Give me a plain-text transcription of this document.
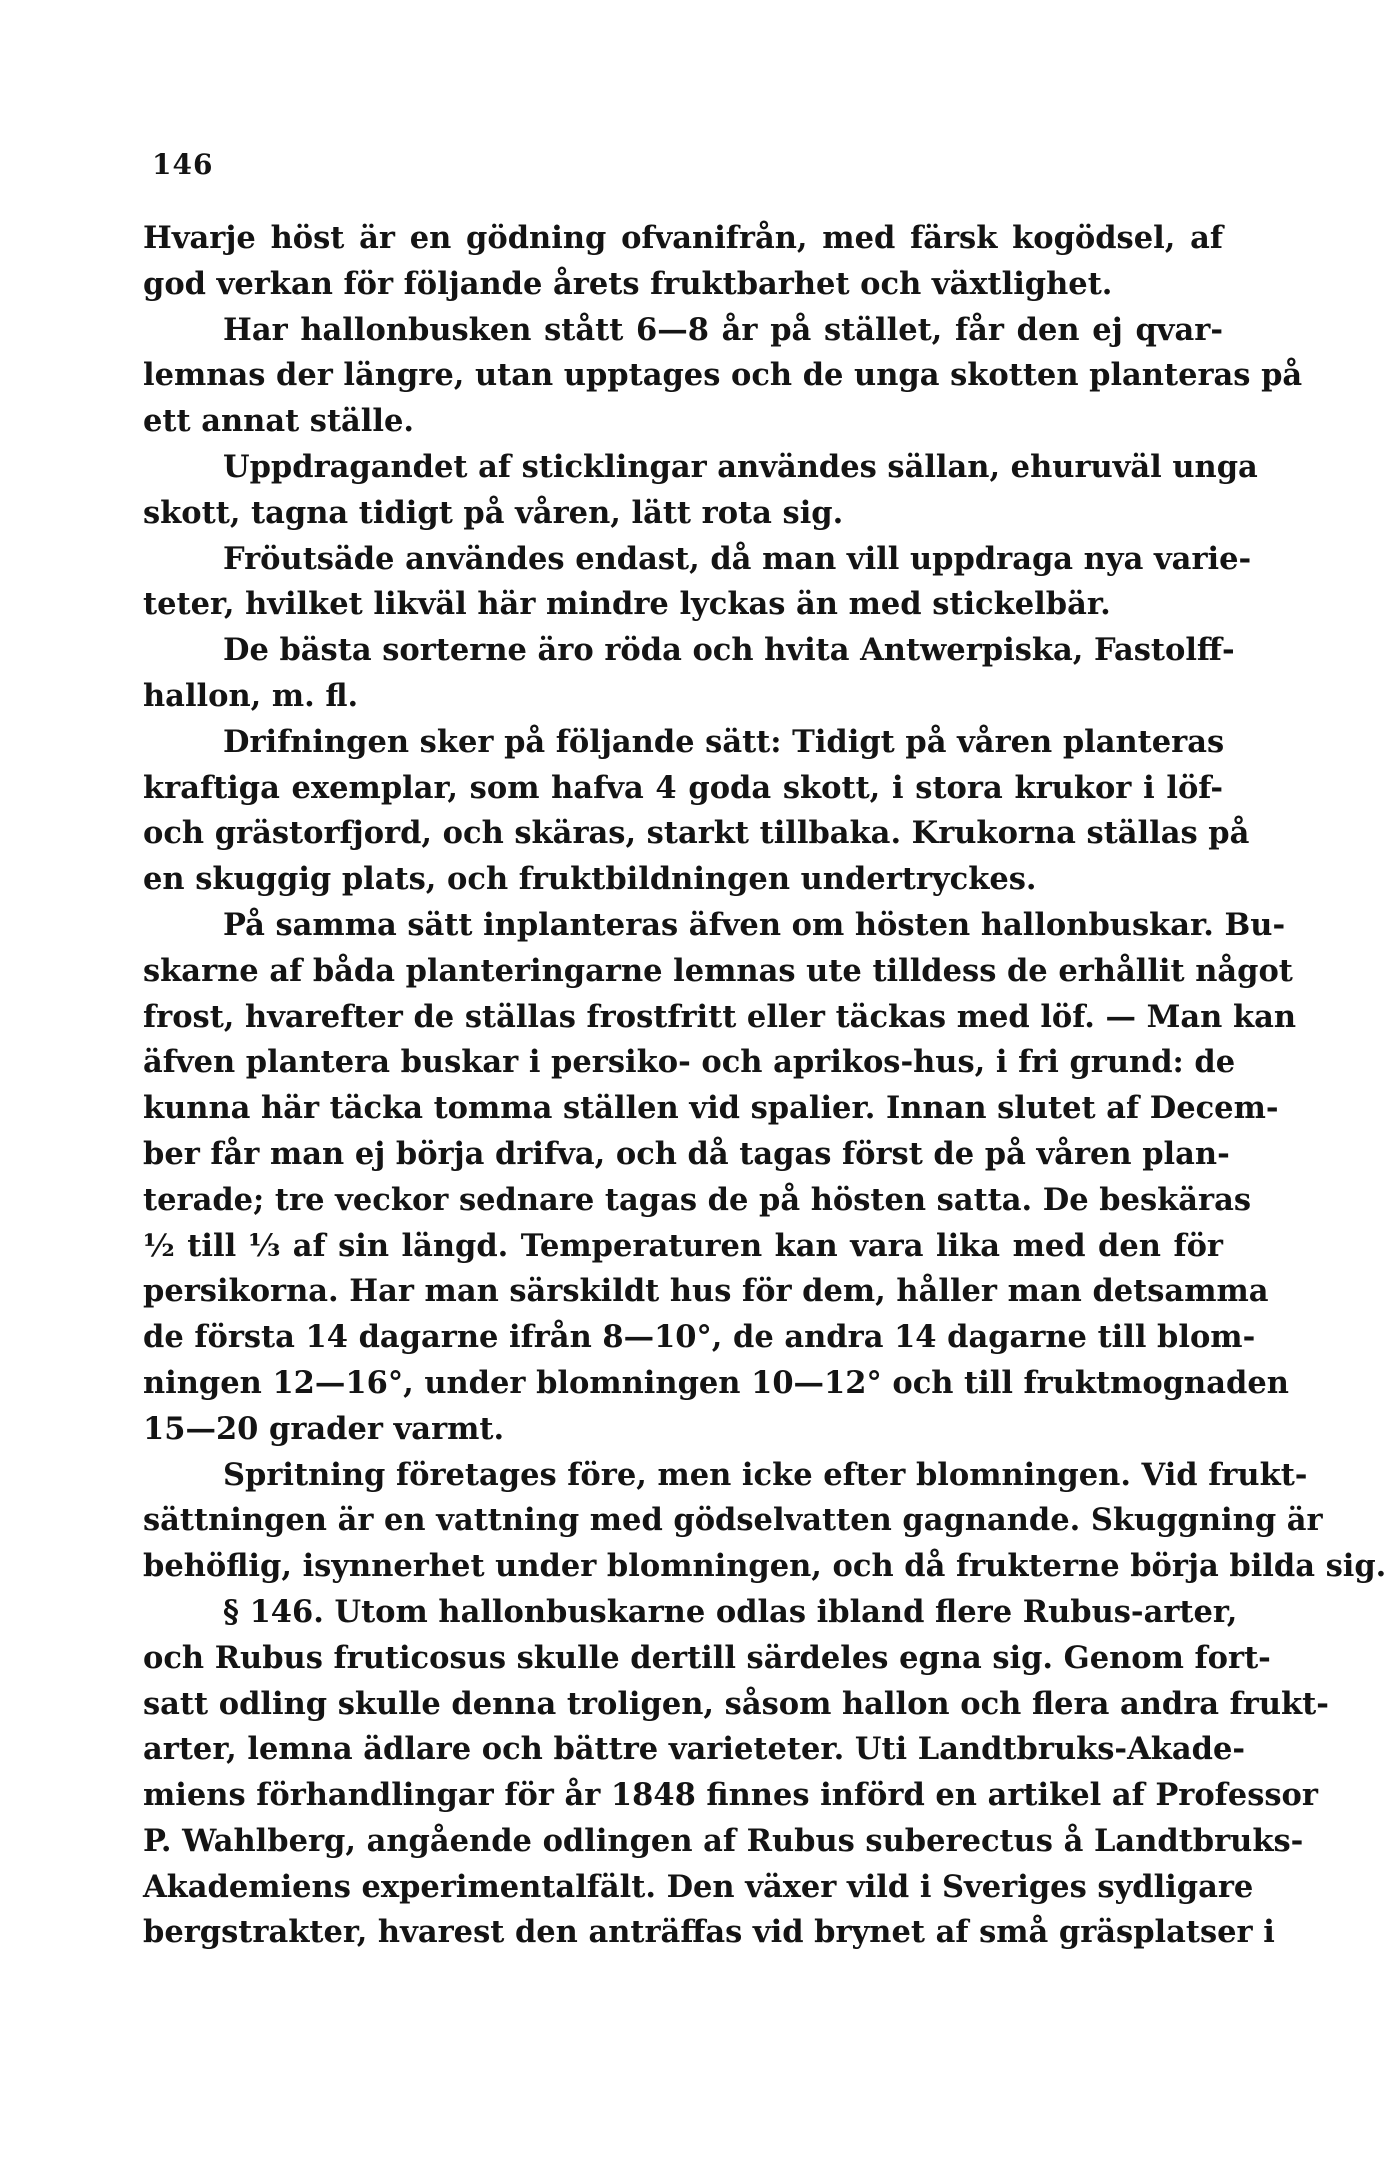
146
Hvarje höst är en gödning ofvanifrån, med färsk kogödsel, af
god verkan för följande årets fruktbarhet och växtlighet.
Har hallonbusken stått 6—8 år på stället, får den ej qvar-
lemnas der längre, utan upptages och de unga skotten planteras på
ett annat ställe.
Uppdragandet af sticklingar användes sällan, ehuruväl unga
skott, tagna tidigt på våren, lätt rota sig.
Fröutsäde användes endast, då man vill uppdraga nya varie-
teter, hvilket likväl här mindre lyckas än med stickelbär.
De bästa sorterne äro röda och hvita Antwerpiska, Fastolff-
hallon, m. fl.
Drifningen sker på följande sätt: Tidigt på våren planteras
kraftiga exemplar, som hafva 4 goda skott, i stora krukor i löf-
och grästorfjord, och skäras, starkt tillbaka. Krukorna ställas på
en skuggig plats, och fruktbildningen undertryckes.
På samma sätt inplanteras äfven om hösten hallonbuskar. Bu-
skarne af båda planteringarne lemnas ute tilldess de erhållit något
frost, hvarefter de ställas frostfritt eller täckas med löf. — Man kan
äfven plantera buskar i persiko- och aprikos-hus, i fri grund: de
kunna här täcka tomma ställen vid spalier. Innan slutet af Decem-
ber får man ej börja drifva, och då tagas först de på våren plan-
terade; tre veckor sednare tagas de på hösten satta. De beskäras
½ till ⅓ af sin längd. Temperaturen kan vara lika med den för
persikorna. Har man särskildt hus för dem, håller man detsamma
de första 14 dagarne ifrån 8—10°, de andra 14 dagarne till blom-
ningen 12—16°, under blomningen 10—12° och till fruktmognaden
15—20 grader varmt.
Spritning företages före, men icke efter blomningen. Vid frukt-
sättningen är en vattning med gödselvatten gagnande. Skuggning är
behöflig, isynnerhet under blomningen, och då frukterne börja bilda sig.
§ 146. Utom hallonbuskarne odlas ibland flere Rubus-arter,
och Rubus fruticosus skulle dertill särdeles egna sig. Genom fort-
satt odling skulle denna troligen, såsom hallon och flera andra frukt-
arter, lemna ädlare och bättre varieteter. Uti Landtbruks-Akade-
miens förhandlingar för år 1848 finnes införd en artikel af Professor
P. Wahlberg, angående odlingen af Rubus suberectus å Landtbruks-
Akademiens experimentalfält. Den växer vild i Sveriges sydligare
bergstrakter, hvarest den anträffas vid brynet af små gräsplatser i
